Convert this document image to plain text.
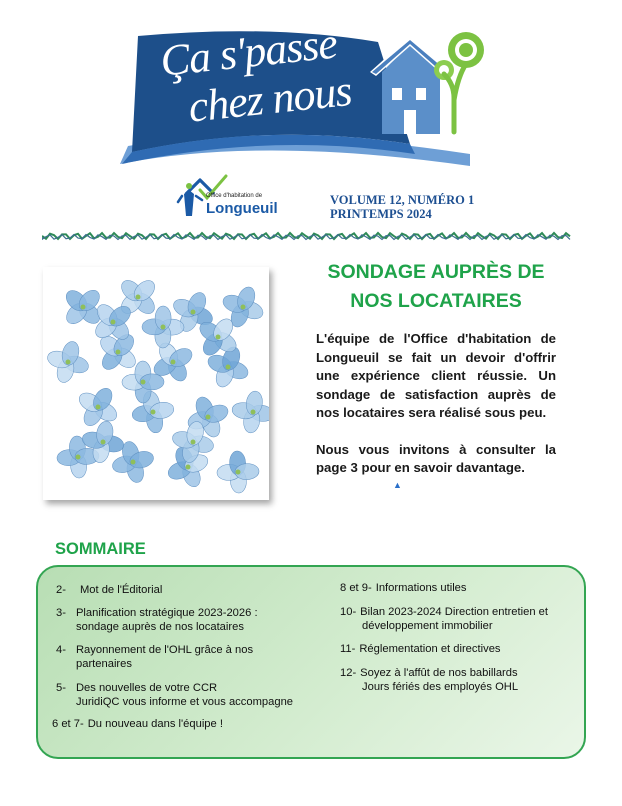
Ça s'passe
chez nous
Office d'habitation de
Longueuil	VOLUME 12, NUMÉRO 1
PRINTEMPS 2024
SONDAGE AUPRÈS DE
NOS LOCATAIRES

L'équipe de l'Office d'habitation de Longueuil se fait un devoir d'offrir une expérience client réussie. Un sondage de satisfaction auprès de nos locataires sera réalisé sous peu.

Nous vous invitons à consulter la page 3 pour en savoir davantage.

▲
SOMMAIRE
2- Mot de l'Éditorial
3- Planification stratégique 2023-2026 :
sondage auprès de nos locataires
4- Rayonnement de l'OHL grâce à nos
partenaires
5- Des nouvelles de votre CCR
JuridiQC vous informe et vous accompagne
6 et 7- Du nouveau dans l'équipe !
8 et 9- Informations utiles
10- Bilan 2023-2024 Direction entretien et
développement immobilier
11- Réglementation et directives
12- Soyez à l'affût de nos babillards
Jours fériés des employés OHL
